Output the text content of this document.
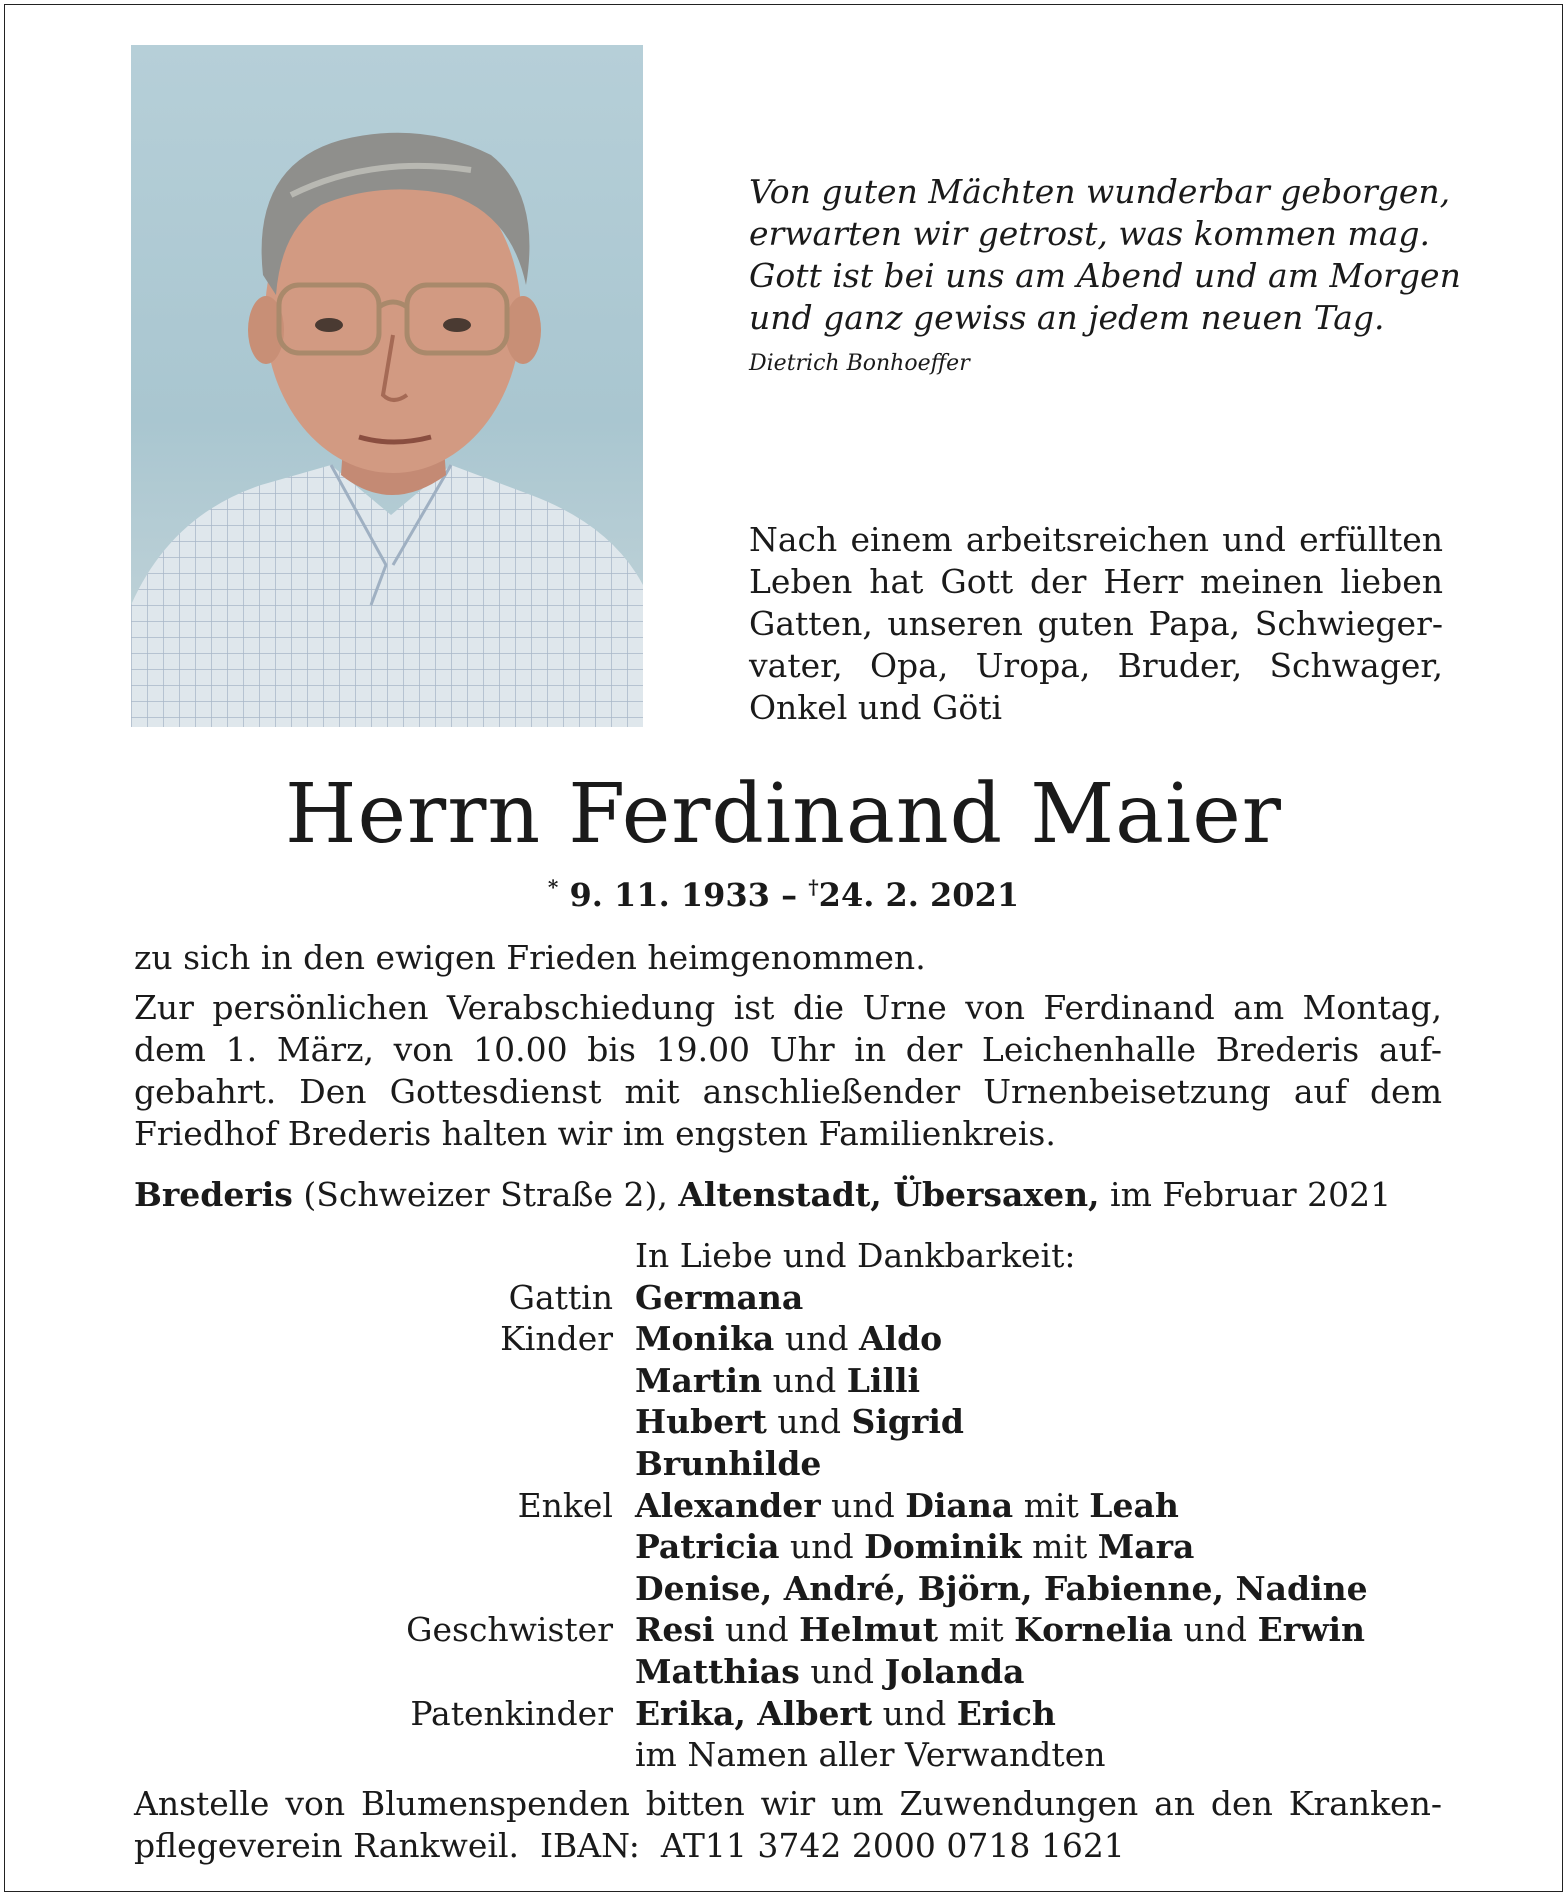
Von guten Mächten wunderbar geborgen,
erwarten wir getrost, was kommen mag.
Gott ist bei uns am Abend und am Morgen
und ganz gewiss an jedem neuen Tag.
Dietrich Bonhoeffer
Nach einem arbeitsreichen und erfüllten
Leben hat Gott der Herr meinen lieben
Gatten, unseren guten Papa, Schwieger-
vater, Opa, Uropa, Bruder, Schwager,
Onkel und Göti
Herrn Ferdinand Maier
* 9. 11. 1933 – †24. 2. 2021
zu sich in den ewigen Frieden heimgenommen.
Zur persönlichen Verabschiedung ist die Urne von Ferdinand am Montag,
dem 1. März, von 10.00 bis 19.00 Uhr in der Leichenhalle Brederis auf-
gebahrt. Den Gottesdienst mit anschließender Urnenbeisetzung auf dem
Friedhof Brederis halten wir im engsten Familienkreis.
Brederis (Schweizer Straße 2), Altenstadt, Übersaxen, im Februar 2021
In Liebe und Dankbarkeit:
Gattin Germana
Kinder Monika und Aldo
Martin und Lilli
Hubert und Sigrid
Brunhilde
Enkel Alexander und Diana mit Leah
Patricia und Dominik mit Mara
Denise, André, Björn, Fabienne, Nadine
Geschwister Resi und Helmut mit Kornelia und Erwin
Matthias und Jolanda
Patenkinder Erika, Albert und Erich
im Namen aller Verwandten
Anstelle von Blumenspenden bitten wir um Zuwendungen an den Kranken-
pflegeverein Rankweil.  IBAN:  AT11 3742 2000 0718 1621
